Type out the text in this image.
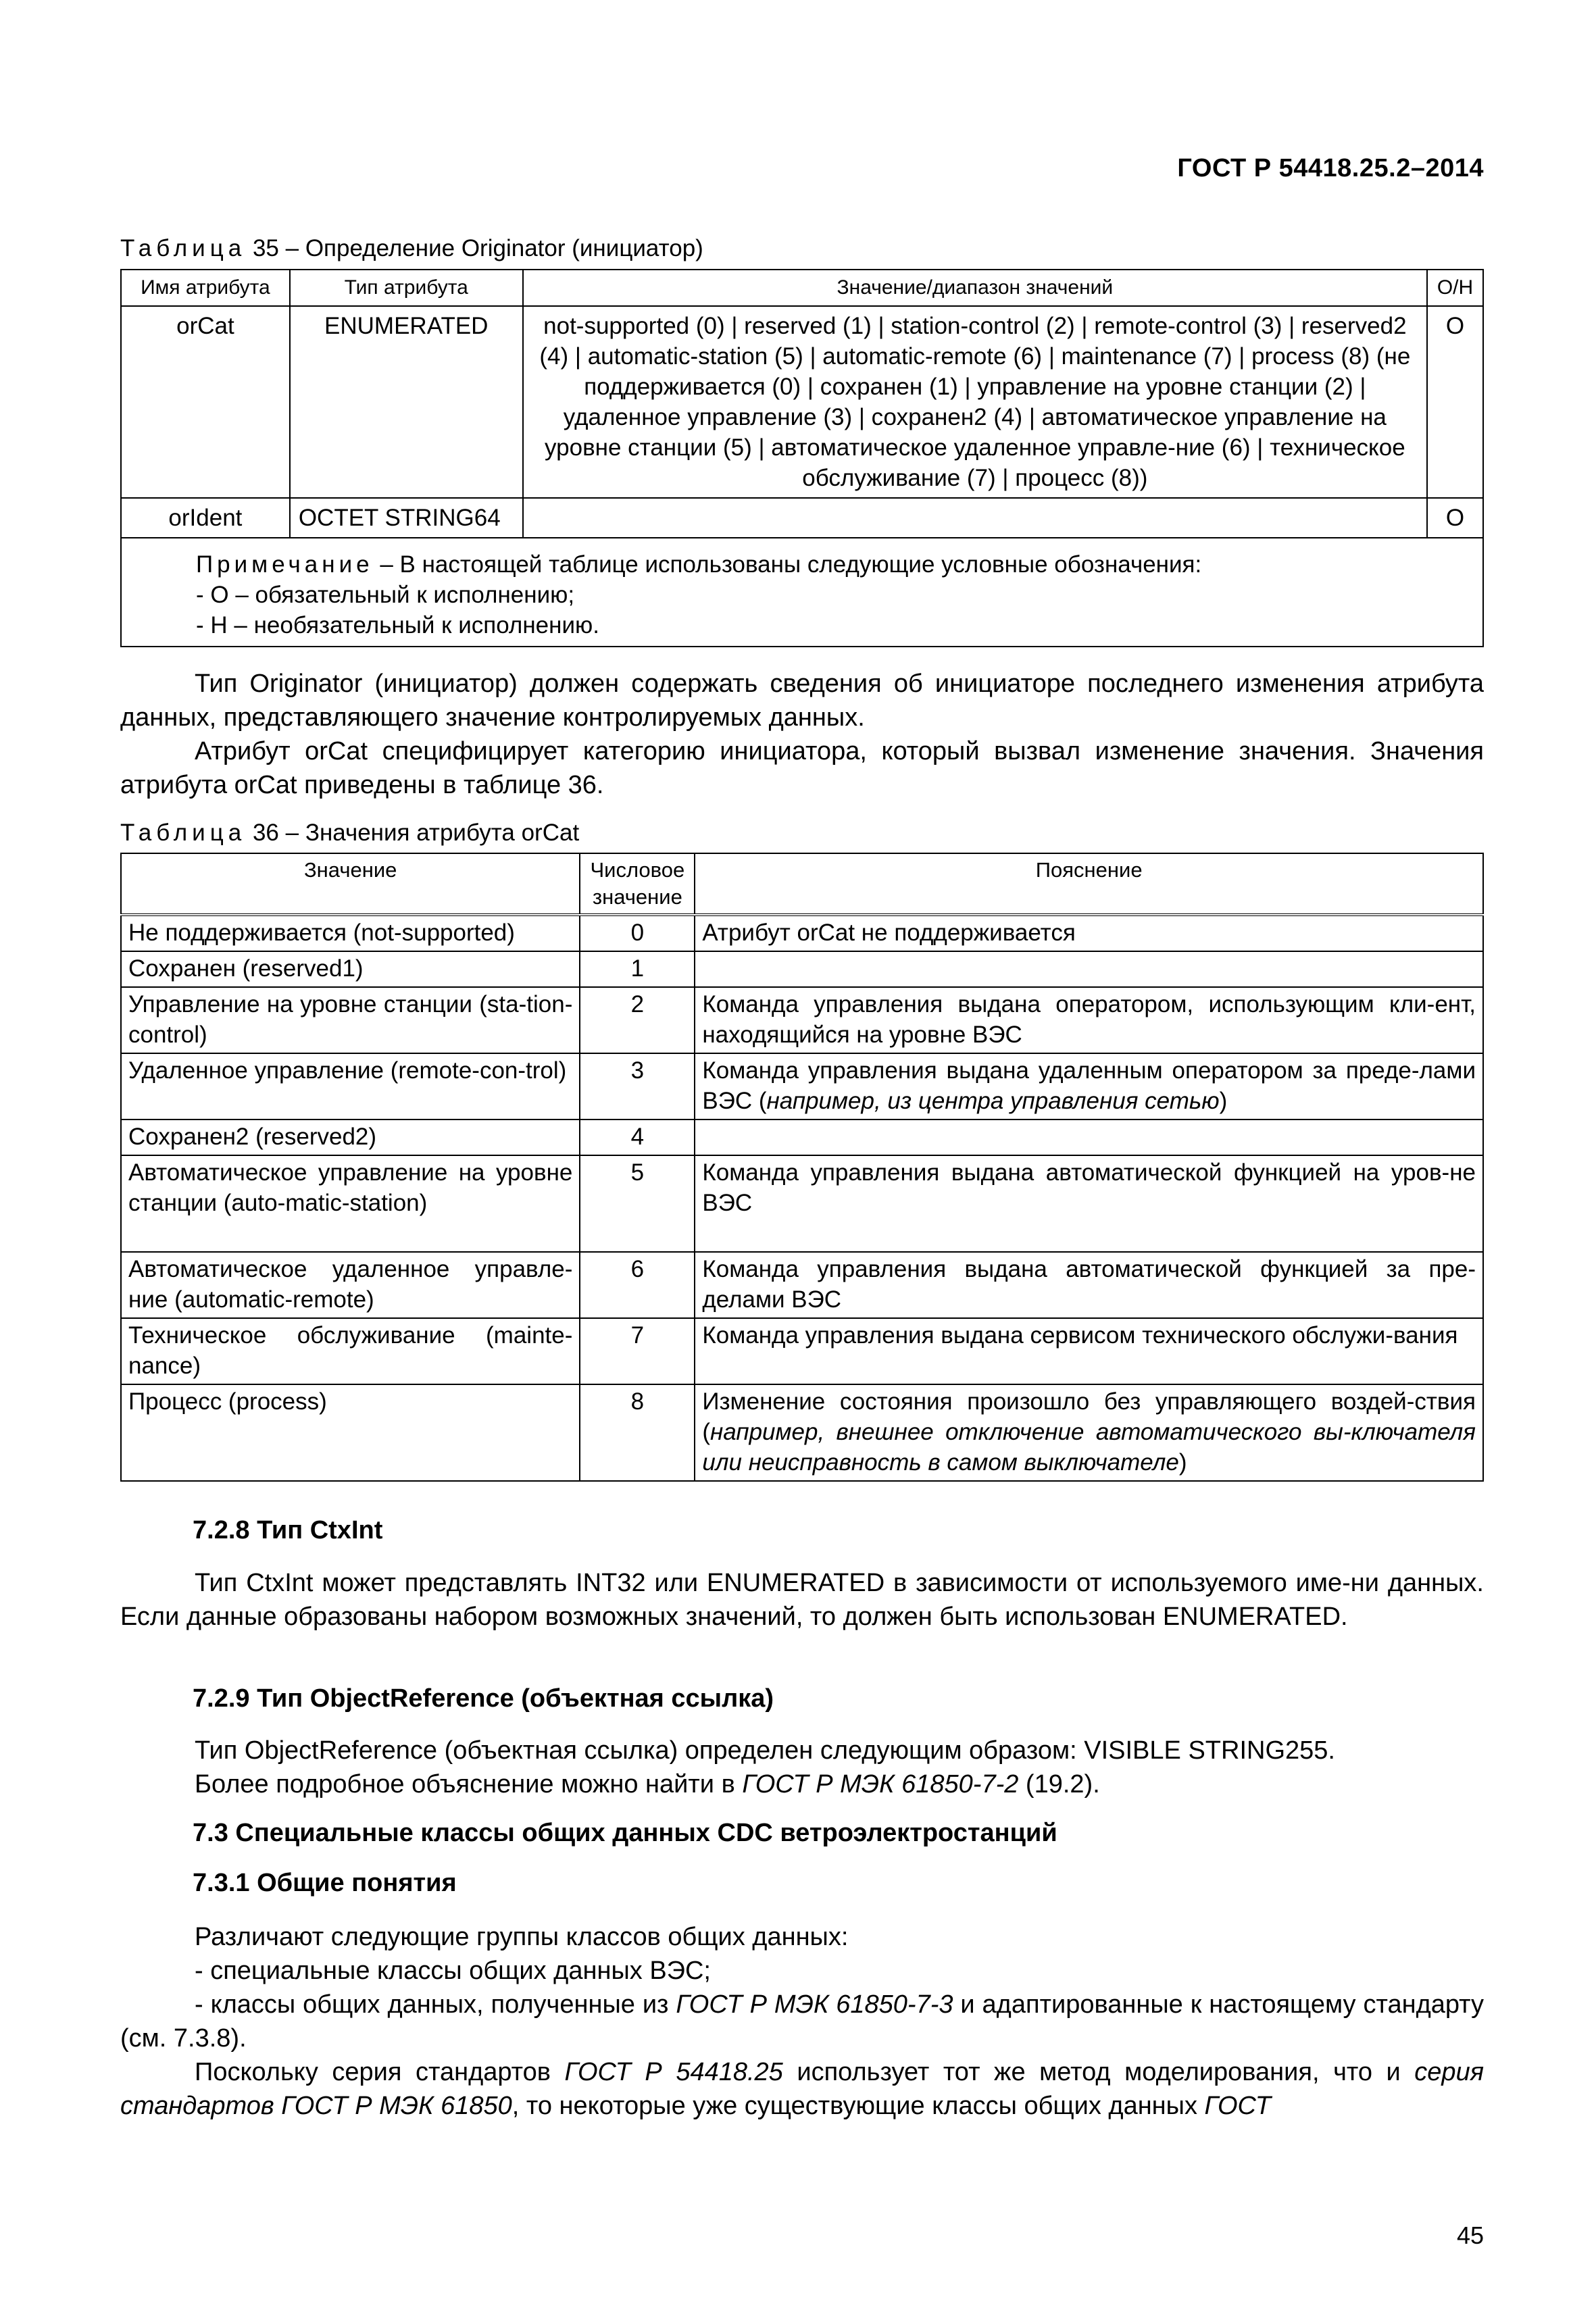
ГОСТ Р 54418.25.2–2014
Таблица 35 – Определение Originator (инициатор)
Имя атрибута	Тип атрибута	Значение/диапазон значений	О/Н
orCat	ENUMERATED	not-supported (0) | reserved (1) | station-control (2) | remote-control (3) | reserved2 (4) | automatic-station (5) | automatic-remote (6) | maintenance (7) | process (8) (не поддерживается (0) | сохранен (1) | управление на уровне станции (2) | удаленное управление (3) | сохранен2 (4) | автоматическое управление на уровне станции (5) | автоматическое удаленное управле-ние (6) | техническое обслуживание (7) | процесс (8))	О
orIdent	OCTET STRING64		О

Примечание – В настоящей таблице использованы следующие условные обозначения:
- О – обязательный к исполнению;
- Н – необязательный к исполнению.			
Тип Originator (инициатор) должен содержать сведения об инициаторе последнего изменения атрибута данных, представляющего значение контролируемых данных.
Атрибут orCat специфицирует категорию инициатора, который вызвал изменение значения. Значения атрибута orCat приведены в таблице 36.
Таблица 36 – Значения атрибута orCat
Значение	Числовое значение	Пояснение
Не поддерживается (not-supported)	0	Атрибут orCat не поддерживается
Сохранен (reserved1)	1	
Управление на уровне станции (sta-tion-control)	2	Команда управления выдана оператором, использующим кли-ент, находящийся на уровне ВЭС
Удаленное управление (remote-con-trol)	3	Команда управления выдана удаленным оператором за преде-лами ВЭС (например, из центра управления сетью)
Сохранен2 (reserved2)	4	
Автоматическое управление на уровне станции (auto-matic-station)	5	Команда управления выдана автоматической функцией на уров-не ВЭС
Автоматическое удаленное управле-ние (automatic-remote)	6	Команда управления выдана автоматической функцией за пре-делами ВЭС
Техническое обслуживание (mainte-nance)	7	Команда управления выдана сервисом технического обслужи-вания
Процесс (process)	8	Изменение состояния произошло без управляющего воздей-ствия (например, внешнее отключение автоматического вы-ключателя или неисправность в самом выключателе)
7.2.8 Тип CtxInt
Тип CtxInt может представлять INT32 или ENUMERATED в зависимости от используемого име-ни данных. Если данные образованы набором возможных значений, то должен быть использован ENUMERATED.
7.2.9 Тип ObjectReference (объектная ссылка)
Тип ObjectReference (объектная ссылка) определен следующим образом: VISIBLE STRING255.
Более подробное объяснение можно найти в ГОСТ Р МЭК 61850-7-2 (19.2).
7.3 Специальные классы общих данных CDC ветроэлектростанций
7.3.1 Общие понятия
Различают следующие группы классов общих данных:
- специальные классы общих данных ВЭС;
- классы общих данных, полученные из ГОСТ Р МЭК 61850-7-3 и адаптированные к настоящему стандарту (см. 7.3.8).
Поскольку серия стандартов ГОСТ Р 54418.25 использует тот же метод моделирования, что и серия стандартов ГОСТ Р МЭК 61850, то некоторые уже существующие классы общих данных ГОСТ
45
